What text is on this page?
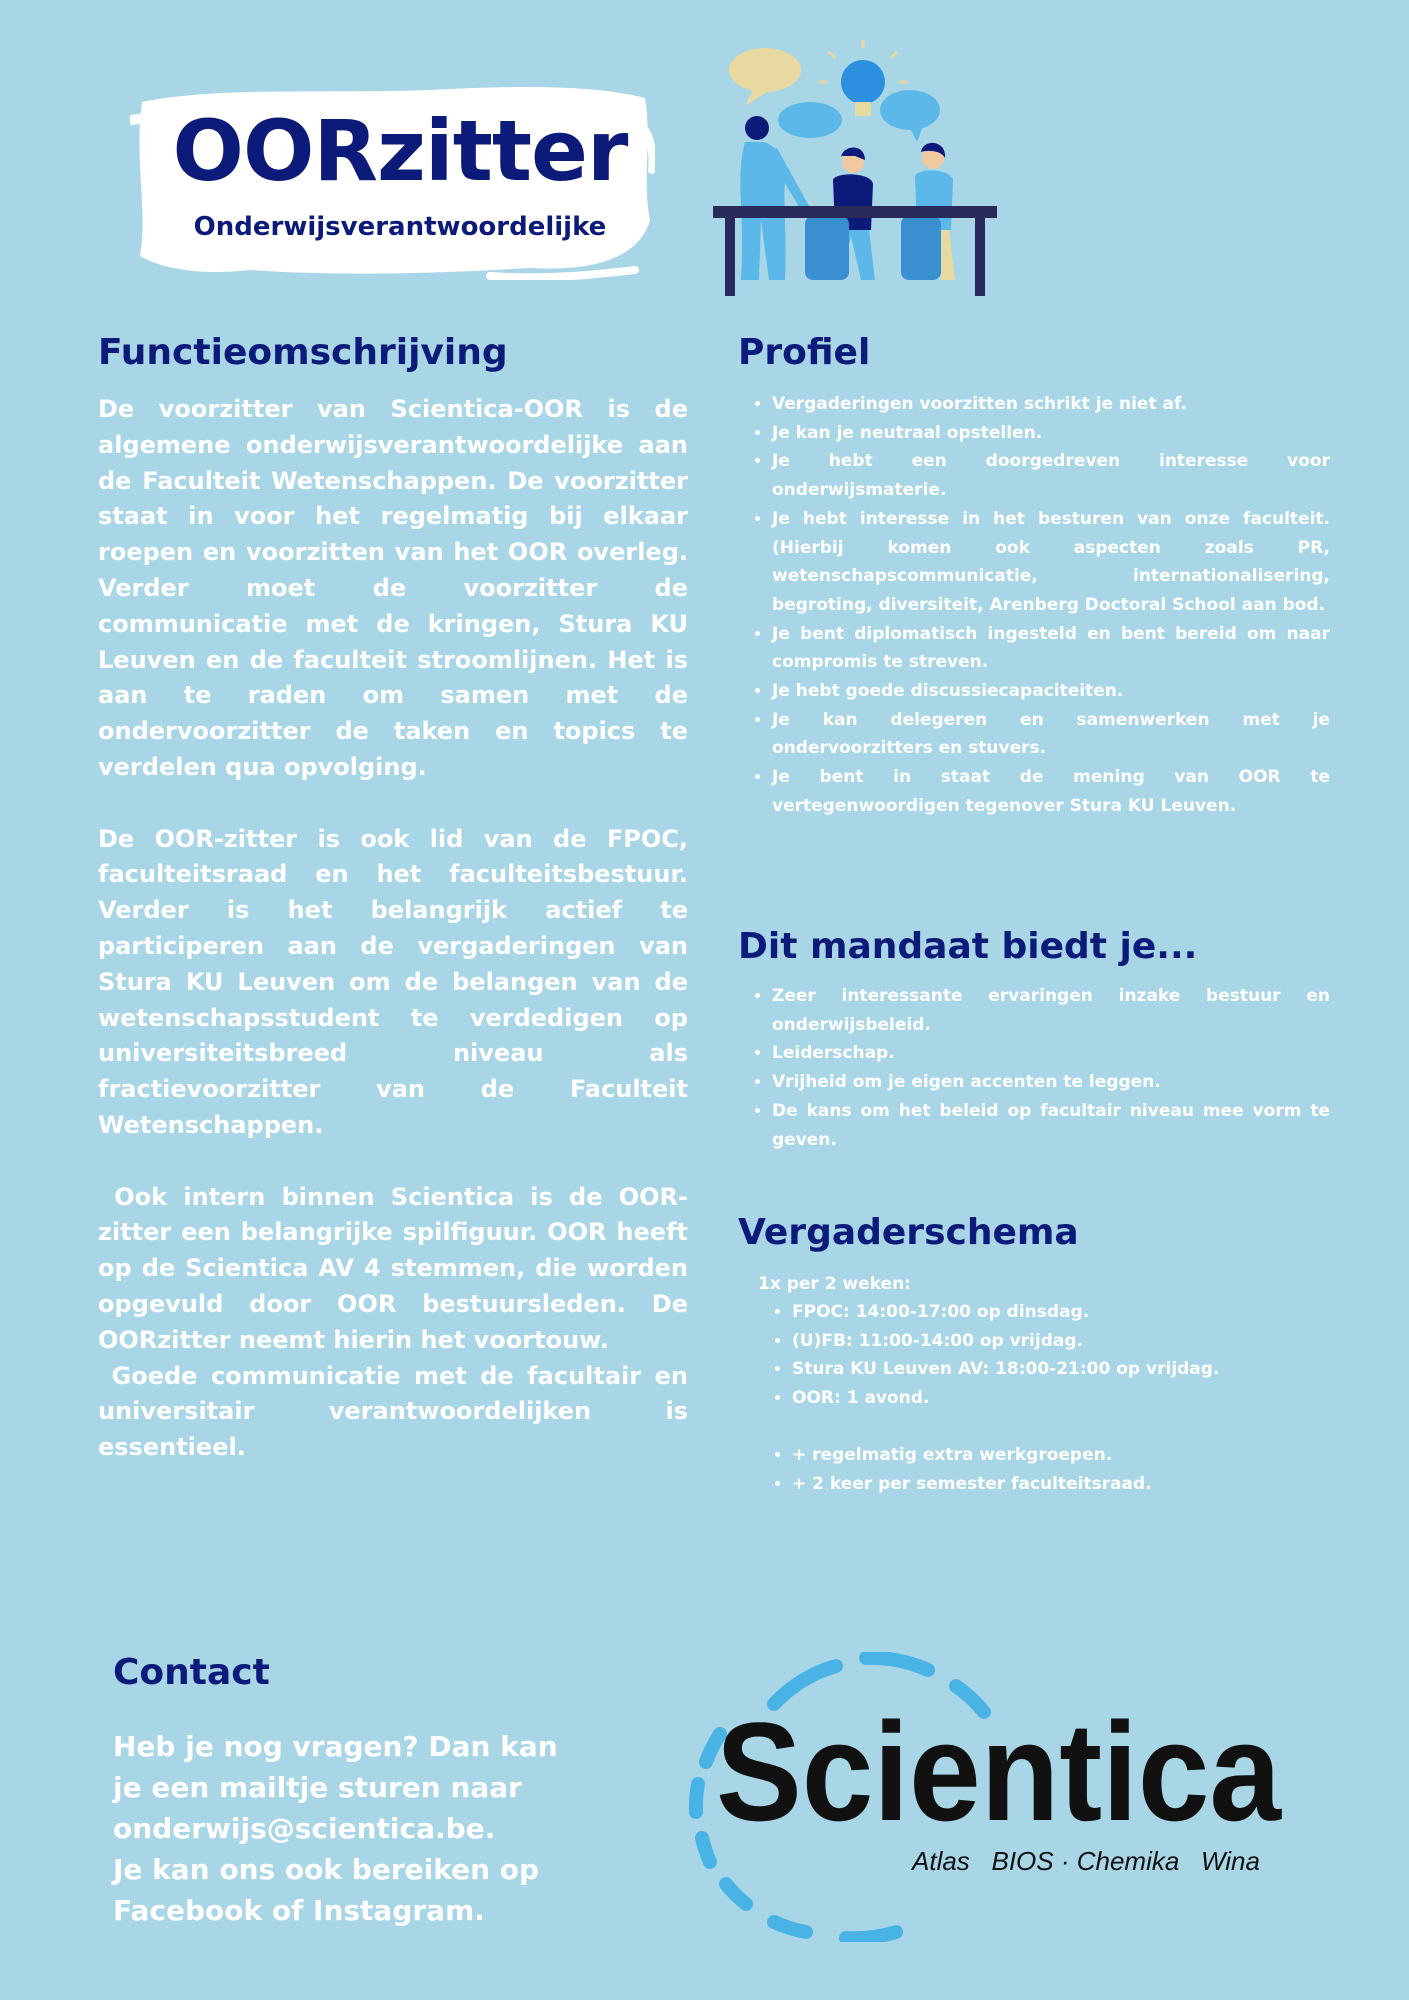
OORzitter
Onderwijsverantwoordelijke
Functieomschrijving

De voorzitter van Scientica-OOR is de algemene onderwijsverantwoordelijke aan de Faculteit Wetenschappen. De voorzitter staat in voor het regelmatig bij elkaar roepen en voorzitten van het OOR overleg. Verder moet de voorzitter de communicatie met de kringen, Stura KU Leuven en de faculteit stroomlijnen. Het is aan te raden om samen met de ondervoorzitter de taken en topics te verdelen qua opvolging.

De OOR-zitter is ook lid van de FPOC, faculteitsraad en het faculteitsbestuur. Verder is het belangrijk actief te participeren aan de vergaderingen van Stura KU Leuven om de belangen van de wetenschapsstudent te verdedigen op universiteitsbreed niveau als fractievoorzitter van de Faculteit Wetenschappen.

Ook intern binnen Scientica is de OOR-zitter een belangrijke spilfiguur. OOR heeft op de Scientica AV 4 stemmen, die worden opgevuld door OOR bestuursleden. De OORzitter neemt hierin het voortouw.
Goede communicatie met de facultair en universitair verantwoordelijken is essentieel.

Profiel
• Vergaderingen voorzitten schrikt je niet af.
• Je kan je neutraal opstellen.
• Je hebt een doorgedreven interesse voor onderwijsmaterie.
• Je hebt interesse in het besturen van onze faculteit. (Hierbij komen ook aspecten zoals PR, wetenschapscommunicatie, internationalisering, begroting, diversiteit, Arenberg Doctoral School aan bod.
• Je bent diplomatisch ingesteld en bent bereid om naar compromis te streven.
• Je hebt goede discussiecapaciteiten.
• Je kan delegeren en samenwerken met je ondervoorzitters en stuvers.
• Je bent in staat de mening van OOR te vertegenwoordigen tegenover Stura KU Leuven.
Dit mandaat biedt je...
• Zeer interessante ervaringen inzake bestuur en onderwijsbeleid.
• Leiderschap.
• Vrijheid om je eigen accenten te leggen.
• De kans om het beleid op facultair niveau mee vorm te geven.
Vergaderschema
1x per 2 weken:
• FPOC: 14:00-17:00 op dinsdag.
• (U)FB: 11:00-14:00 op vrijdag.
• Stura KU Leuven AV: 18:00-21:00 op vrijdag.
• OOR: 1 avond.
• + regelmatig extra werkgroepen.
• + 2 keer per semester faculteitsraad.
Contact
Heb je nog vragen? Dan kan
je een mailtje sturen naar
onderwijs@scientica.be.
Je kan ons ook bereiken op
Facebook of Instagram.
Scientica
Atlas   BIOS · Chemika   Wina
